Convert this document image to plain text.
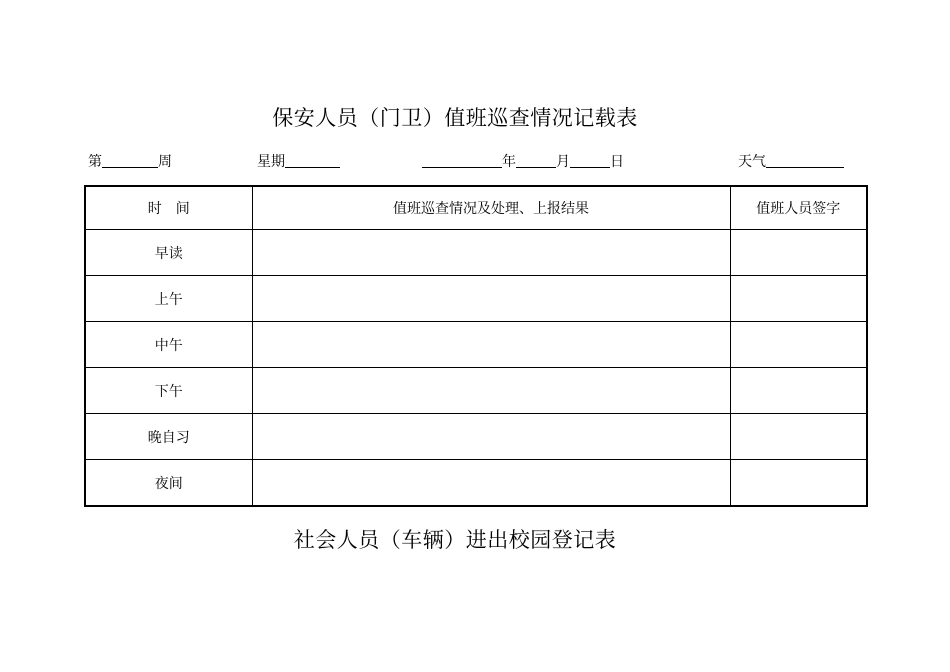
保安人员（门卫）值班巡查情况记载表
第	周	星期	年	月	日	天气
时　间	值班巡查情况及处理、上报结果	值班人员签字
早读		
上午		
中午		
下午		
晚自习		
夜间		
社会人员（车辆）进出校园登记表
